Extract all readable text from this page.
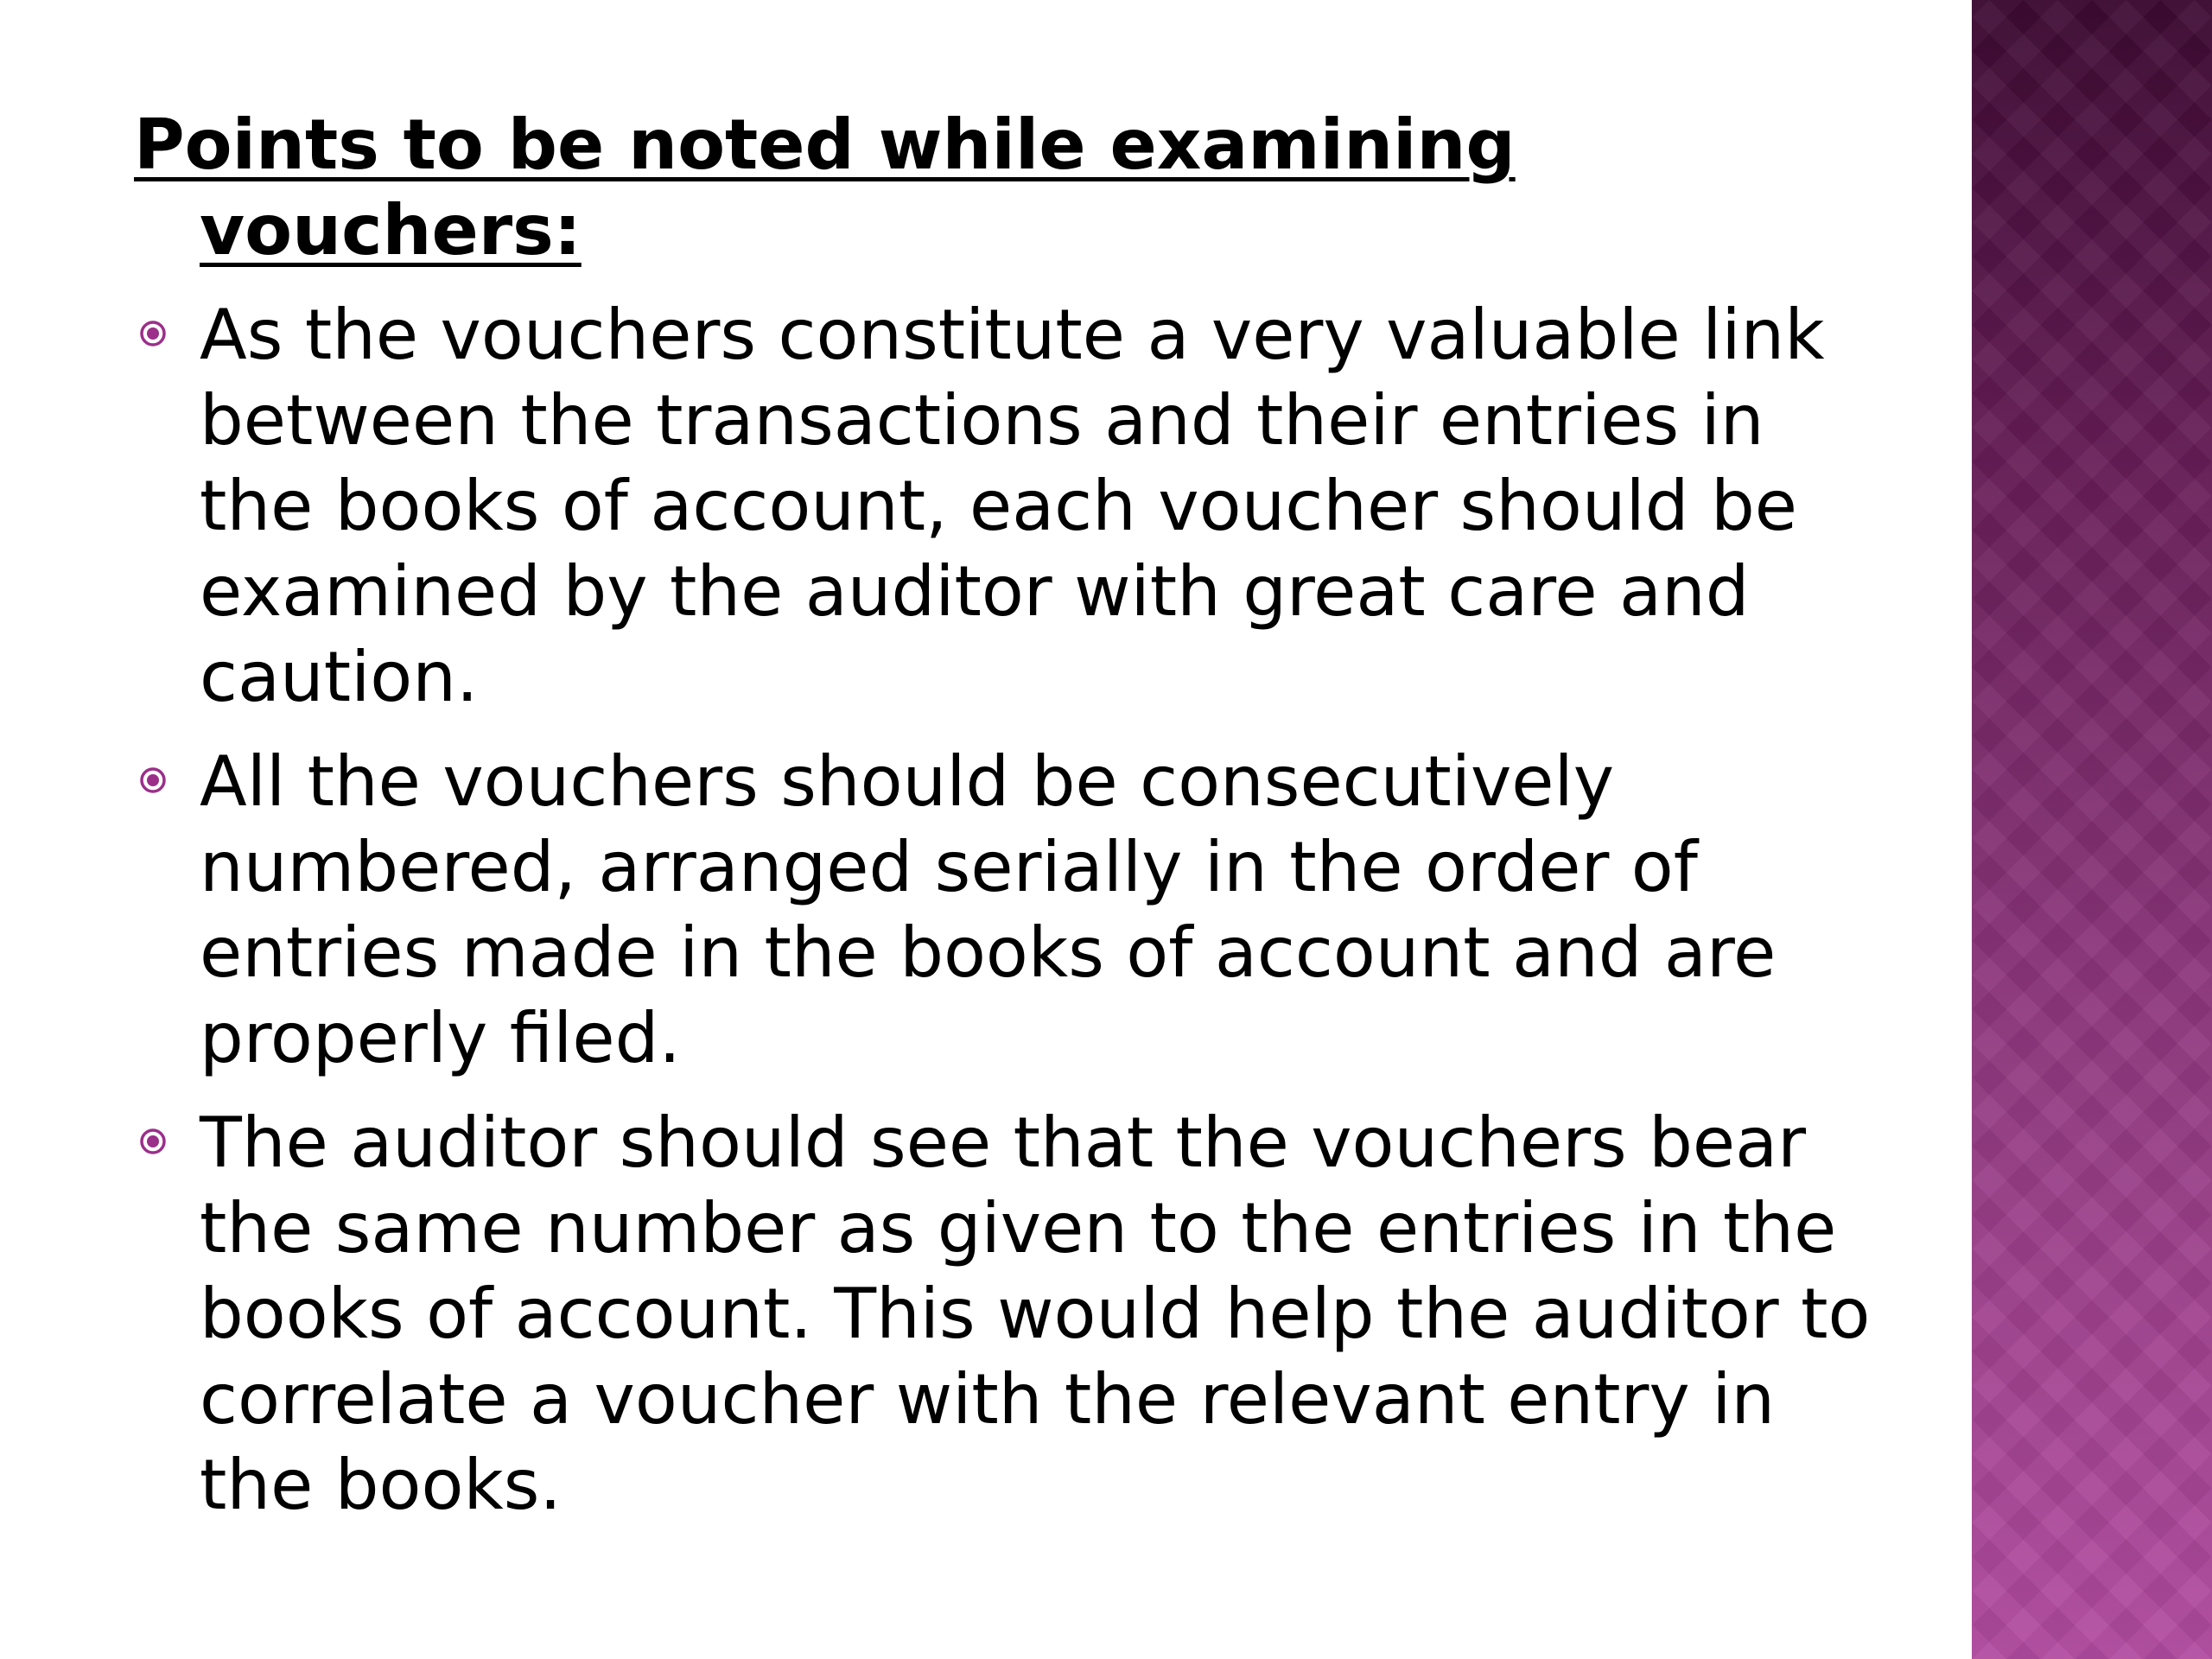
Points to be noted while examining vouchers:

As the vouchers constitute a very valuable link between the transactions and their entries in the books of account, each voucher should be examined by the auditor with great care and caution.
All the vouchers should be consecutively numbered, arranged serially in the order of entries made in the books of account and are properly filed.
The auditor should see that the vouchers bear the same number as given to the entries in the books of account. This would help the auditor to correlate a voucher with the relevant entry in the books.
